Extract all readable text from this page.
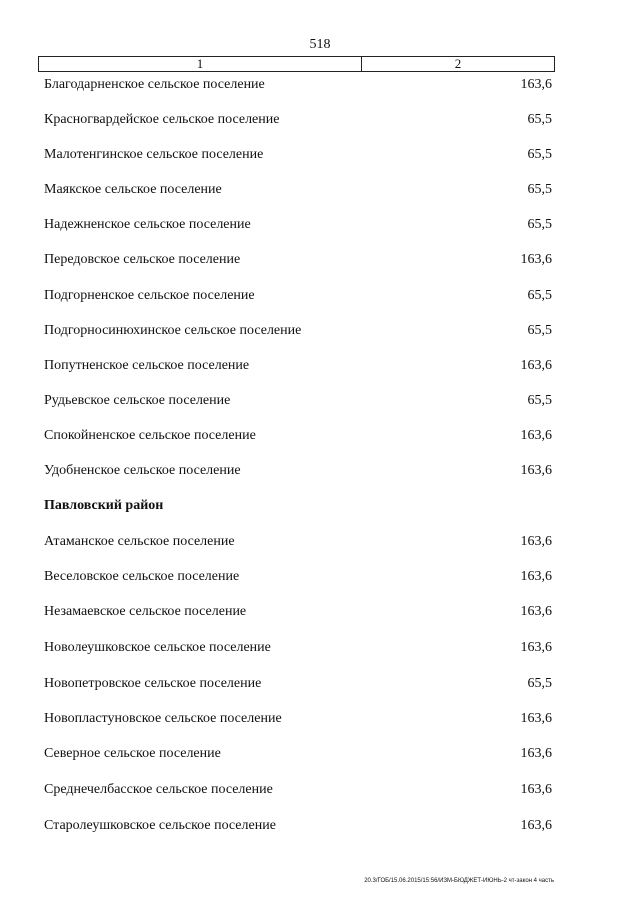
518
1	2
Благодарненское сельское поселение	163,6
Красногвардейское сельское поселение	65,5
Малотенгинское сельское поселение	65,5
Маякское сельское поселение	65,5
Надежненское сельское поселение	65,5
Передовское сельское поселение	163,6
Подгорненское сельское поселение	65,5
Подгорносинюхинское сельское поселение	65,5
Попутненское сельское поселение	163,6
Рудьевское сельское поселение	65,5
Спокойненское сельское поселение	163,6
Удобненское сельское поселение	163,6
Павловский район
Атаманское сельское поселение	163,6
Веселовское сельское поселение	163,6
Незамаевское сельское поселение	163,6
Новолеушковское сельское поселение	163,6
Новопетровское сельское поселение	65,5
Новопластуновское сельское поселение	163,6
Северное сельское поселение	163,6
Среднечелбасское сельское поселение	163,6
Старолеушковское сельское поселение	163,6
20.3/ГОБ/15.06.2015/15:56/ИЗМ-БЮДЖЕТ-ИЮНЬ-2 чт-закон 4 часть
